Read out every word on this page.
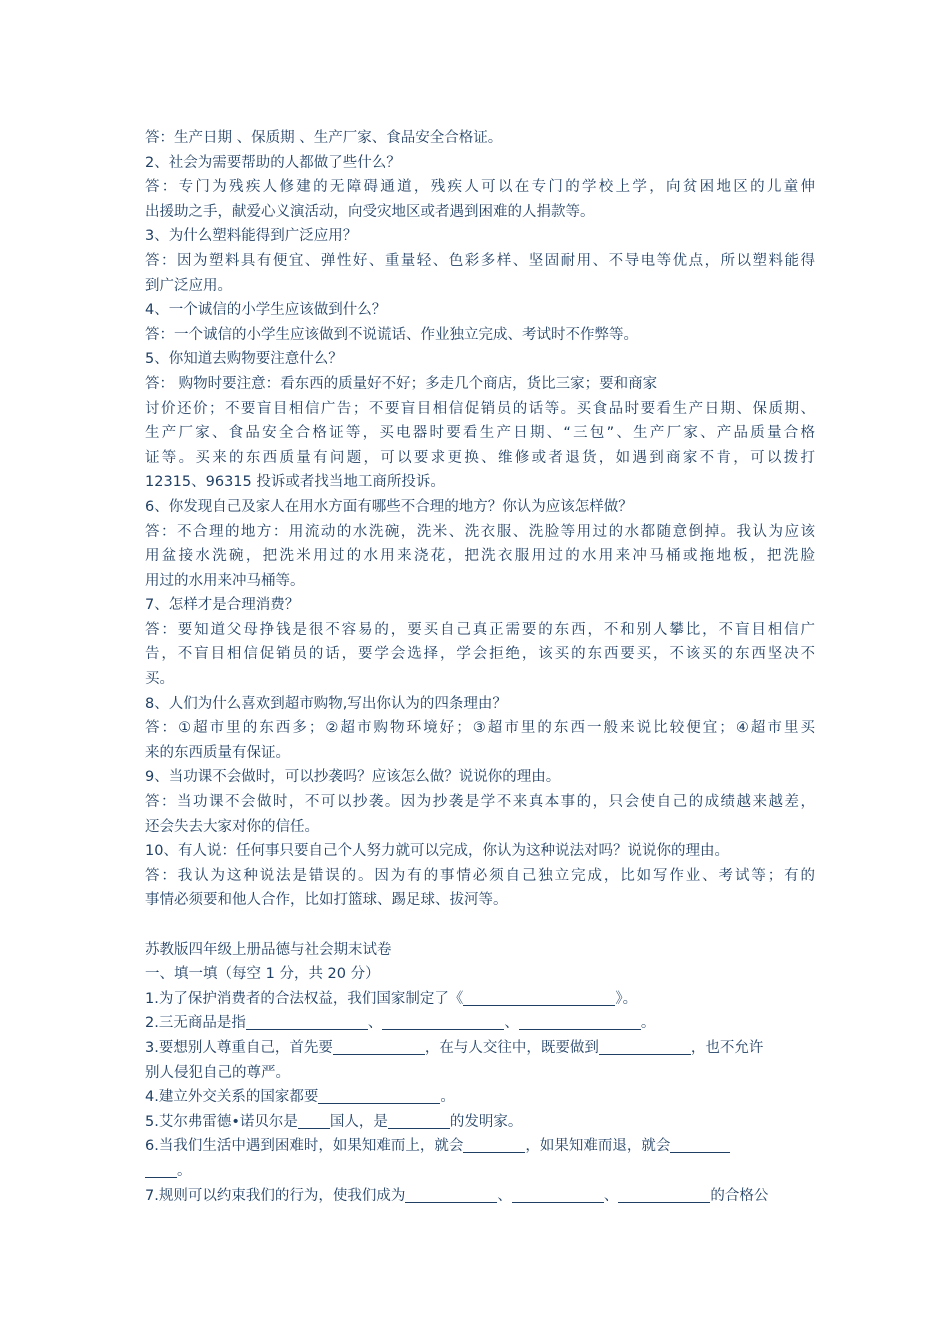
答：生产日期 、保质期 、生产厂家、食品安全合格证。
2、社会为需要帮助的人都做了些什么？
答：专门为残疾人修建的无障碍通道，残疾人可以在专门的学校上学，向贫困地区的儿童伸
出援助之手，献爱心义演活动，向受灾地区或者遇到困难的人捐款等。
3、为什么塑料能得到广泛应用？
答：因为塑料具有便宜、弹性好、重量轻、色彩多样、坚固耐用、不导电等优点，所以塑料能得
到广泛应用。
4、一个诚信的小学生应该做到什么？
答：一个诚信的小学生应该做到不说谎话、作业独立完成、考试时不作弊等。
5、你知道去购物要注意什么？
答： 购物时要注意：看东西的质量好不好；多走几个商店，货比三家；要和商家
讨价还价；不要盲目相信广告；不要盲目相信促销员的话等。买食品时要看生产日期、保质期、
生产厂家、食品安全合格证等，买电器时要看生产日期、“三包”、生产厂家、产品质量合格
证等。买来的东西质量有问题，可以要求更换、维修或者退货，如遇到商家不肯，可以拨打
12315、96315 投诉或者找当地工商所投诉。
6、你发现自己及家人在用水方面有哪些不合理的地方？你认为应该怎样做？
答：不合理的地方：用流动的水洗碗，洗米、洗衣服、洗脸等用过的水都随意倒掉。我认为应该
用盆接水洗碗，把洗米用过的水用来浇花，把洗衣服用过的水用来冲马桶或拖地板，把洗脸
用过的水用来冲马桶等。
7、怎样才是合理消费？
答：要知道父母挣钱是很不容易的，要买自己真正需要的东西，不和别人攀比，不盲目相信广
告，不盲目相信促销员的话，要学会选择，学会拒绝，该买的东西要买，不该买的东西坚决不
买。
8、人们为什么喜欢到超市购物,写出你认为的四条理由？
答：①超市里的东西多；②超市购物环境好；③超市里的东西一般来说比较便宜；④超市里买
来的东西质量有保证。
9、当功课不会做时，可以抄袭吗？应该怎么做？说说你的理由。
答：当功课不会做时，不可以抄袭。因为抄袭是学不来真本事的，只会使自己的成绩越来越差，
还会失去大家对你的信任。
10、有人说：任何事只要自己个人努力就可以完成，你认为这种说法对吗？说说你的理由。
答：我认为这种说法是错误的。因为有的事情必须自己独立完成，比如写作业、考试等；有的
事情必须要和他人合作，比如打篮球、踢足球、拔河等。
苏教版四年级上册品德与社会期末试卷
一、填一填（每空 1 分，共 20 分）
1.为了保护消费者的合法权益，我们国家制定了《	》。
2.三无商品是指	、	、	。
3.要想别人尊重自己，首先要	，在与人交往中，既要做到	，也不允许
别人侵犯自己的尊严。
4.建立外交关系的国家都要	。
5.艾尔弗雷德•诺贝尔是 国人，是	的发明家。
6.当我们生活中遇到困难时，如果知难而上，就会	，如果知难而退，就会
。
7.规则可以约束我们的行为，使我们成为	、	、	的合格公
